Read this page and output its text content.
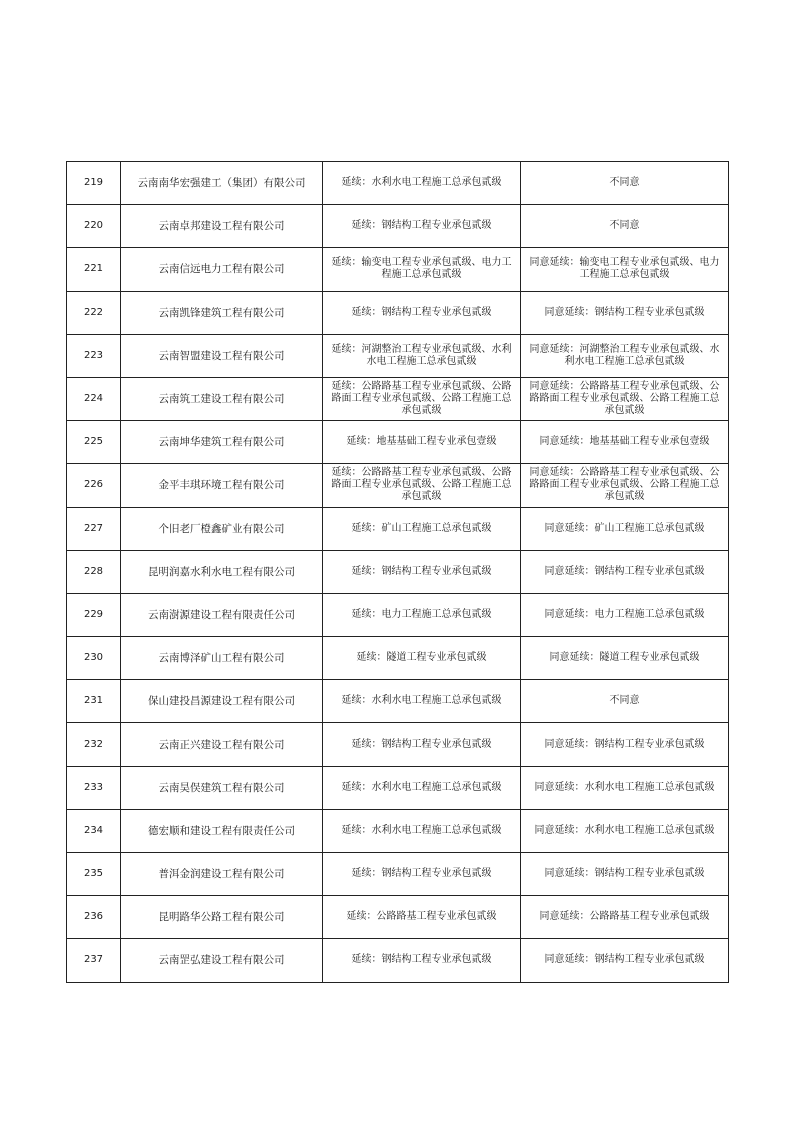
219	云南南华宏强建工（集团）有限公司	延续：水利水电工程施工总承包贰级	不同意
220	云南卓邦建设工程有限公司	延续：钢结构工程专业承包贰级	不同意
221	云南信远电力工程有限公司	延续：输变电工程专业承包贰级、电力工程施工总承包贰级	同意延续：输变电工程专业承包贰级、电力工程施工总承包贰级
222	云南凯锋建筑工程有限公司	延续：钢结构工程专业承包贰级	同意延续：钢结构工程专业承包贰级
223	云南智盟建设工程有限公司	延续：河湖整治工程专业承包贰级、水利水电工程施工总承包贰级	同意延续：河湖整治工程专业承包贰级、水利水电工程施工总承包贰级
224	云南筑工建设工程有限公司	延续：公路路基工程专业承包贰级、公路路面工程专业承包贰级、公路工程施工总承包贰级	同意延续：公路路基工程专业承包贰级、公路路面工程专业承包贰级、公路工程施工总承包贰级
225	云南坤华建筑工程有限公司	延续：地基基础工程专业承包壹级	同意延续：地基基础工程专业承包壹级
226	金平丰琪环境工程有限公司	延续：公路路基工程专业承包贰级、公路路面工程专业承包贰级、公路工程施工总承包贰级	同意延续：公路路基工程专业承包贰级、公路路面工程专业承包贰级、公路工程施工总承包贰级
227	个旧老厂橙鑫矿业有限公司	延续：矿山工程施工总承包贰级	同意延续：矿山工程施工总承包贰级
228	昆明润嘉水利水电工程有限公司	延续：钢结构工程专业承包贰级	同意延续：钢结构工程专业承包贰级
229	云南澍源建设工程有限责任公司	延续：电力工程施工总承包贰级	同意延续：电力工程施工总承包贰级
230	云南博泽矿山工程有限公司	延续：隧道工程专业承包贰级	同意延续：隧道工程专业承包贰级
231	保山建投昌源建设工程有限公司	延续：水利水电工程施工总承包贰级	不同意
232	云南正兴建设工程有限公司	延续：钢结构工程专业承包贰级	同意延续：钢结构工程专业承包贰级
233	云南昊俣建筑工程有限公司	延续：水利水电工程施工总承包贰级	同意延续：水利水电工程施工总承包贰级
234	德宏顺和建设工程有限责任公司	延续：水利水电工程施工总承包贰级	同意延续：水利水电工程施工总承包贰级
235	普洱金润建设工程有限公司	延续：钢结构工程专业承包贰级	同意延续：钢结构工程专业承包贰级
236	昆明路华公路工程有限公司	延续：公路路基工程专业承包贰级	同意延续：公路路基工程专业承包贰级
237	云南罡弘建设工程有限公司	延续：钢结构工程专业承包贰级	同意延续：钢结构工程专业承包贰级
